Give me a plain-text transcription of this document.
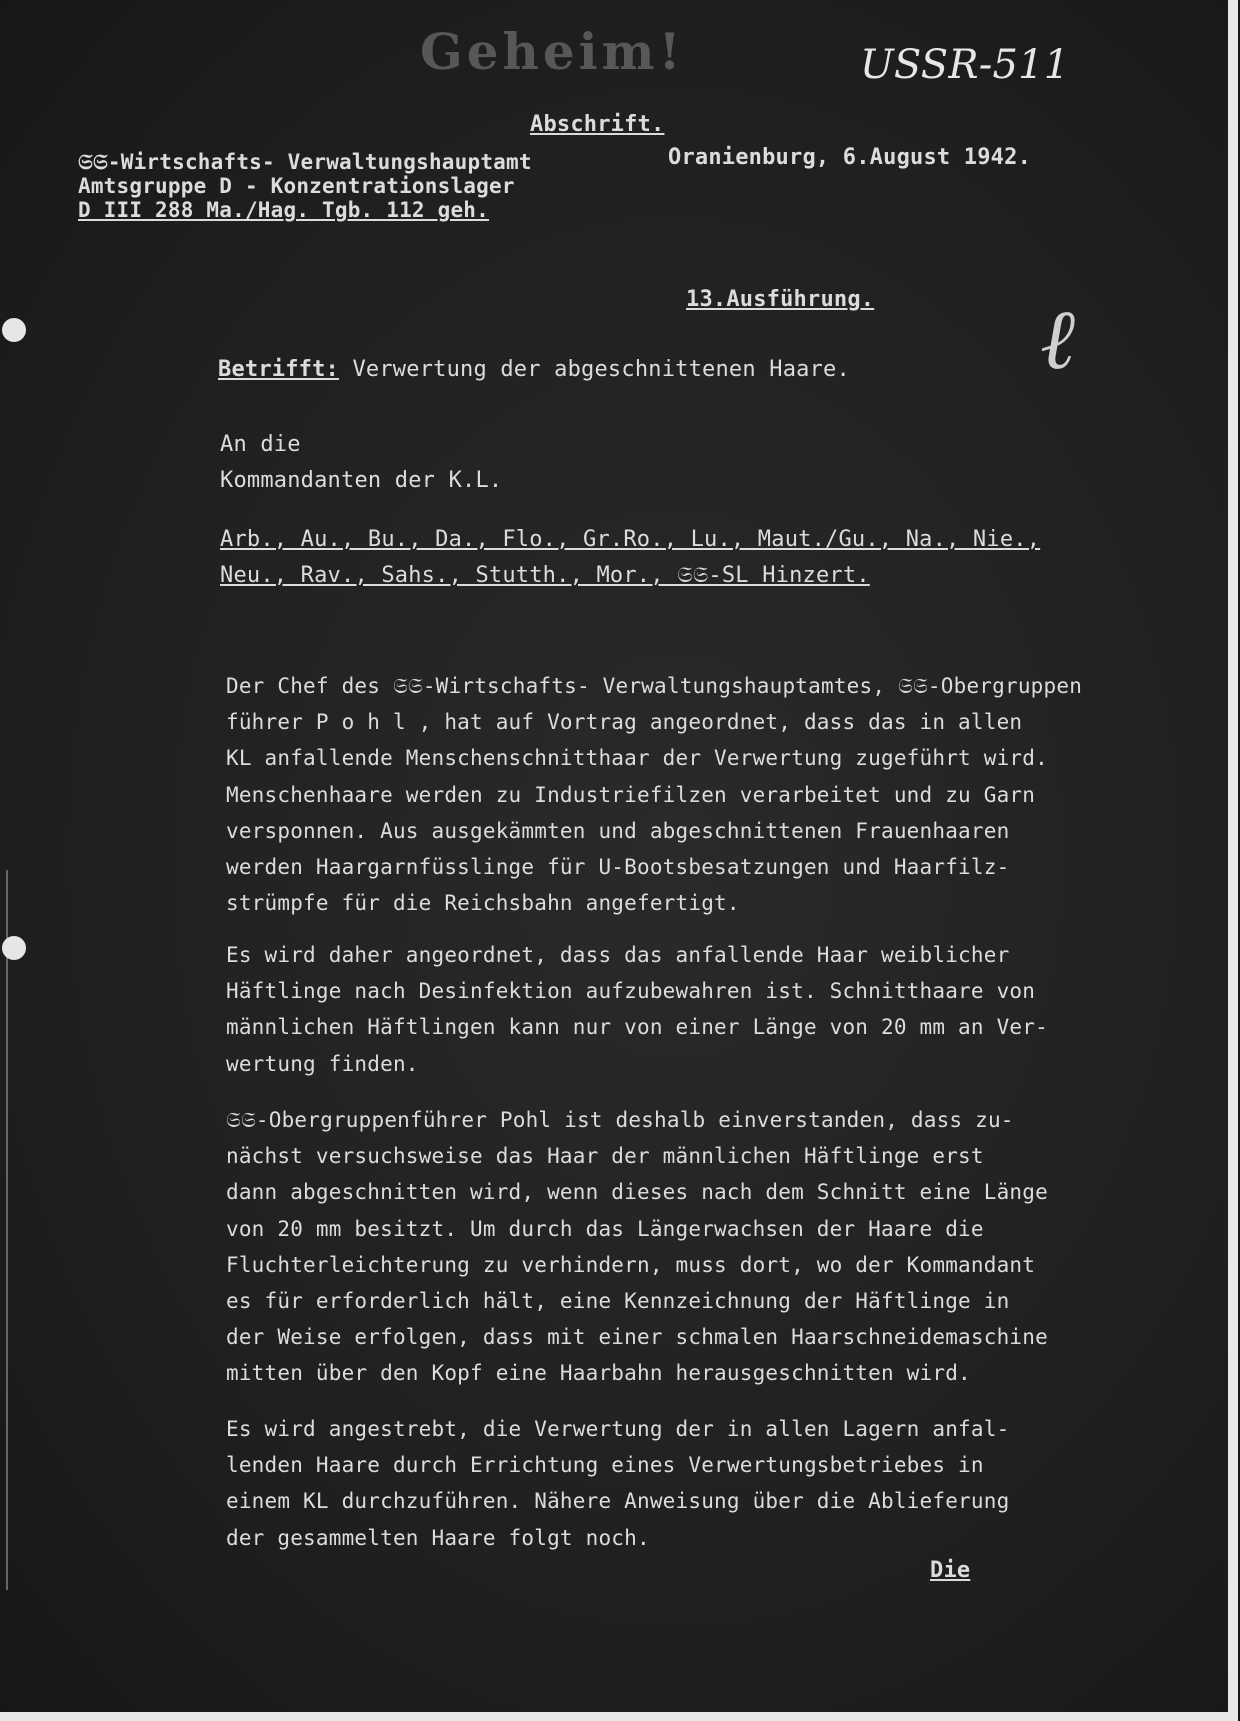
Geheim!	USSR-511
ℓ
Abschrift.
𝔖𝔖-Wirtschafts- Verwaltungshauptamt
Amtsgruppe D - Konzentrationslager
D III 288 Ma./Hag. Tgb. 112 geh.
Oranienburg, 6.August 1942.
13.Ausführung.
Betrifft: Verwertung der abgeschnittenen Haare.
An die
Kommandanten der K.L.
Arb., Au., Bu., Da., Flo., Gr.Ro., Lu., Maut./Gu., Na., Nie.,
Neu., Rav., Sahs., Stutth., Mor., 𝔖𝔖-SL Hinzert.
Der Chef des 𝔖𝔖-Wirtschafts- Verwaltungshauptamtes, 𝔖𝔖-Obergruppen
führer P o h l , hat auf Vortrag angeordnet, dass das in allen
KL anfallende Menschenschnitthaar der Verwertung zugeführt wird.
Menschenhaare werden zu Industriefilzen verarbeitet und zu Garn
versponnen. Aus ausgekämmten und abgeschnittenen Frauenhaaren
werden Haargarnfüsslinge für U-Bootsbesatzungen und Haarfilz-
strümpfe für die Reichsbahn angefertigt.
Es wird daher angeordnet, dass das anfallende Haar weiblicher
Häftlinge nach Desinfektion aufzubewahren ist. Schnitthaare von
männlichen Häftlingen kann nur von einer Länge von 20 mm an Ver-
wertung finden.
𝔖𝔖-Obergruppenführer Pohl ist deshalb einverstanden, dass zu-
nächst versuchsweise das Haar der männlichen Häftlinge erst
dann abgeschnitten wird, wenn dieses nach dem Schnitt eine Länge
von 20 mm besitzt. Um durch das Längerwachsen der Haare die
Fluchterleichterung zu verhindern, muss dort, wo der Kommandant
es für erforderlich hält, eine Kennzeichnung der Häftlinge in
der Weise erfolgen, dass mit einer schmalen Haarschneidemaschine
mitten über den Kopf eine Haarbahn herausgeschnitten wird.
Es wird angestrebt, die Verwertung der in allen Lagern anfal-
lenden Haare durch Errichtung eines Verwertungsbetriebes in
einem KL durchzuführen. Nähere Anweisung über die Ablieferung
der gesammelten Haare folgt noch.
Die
